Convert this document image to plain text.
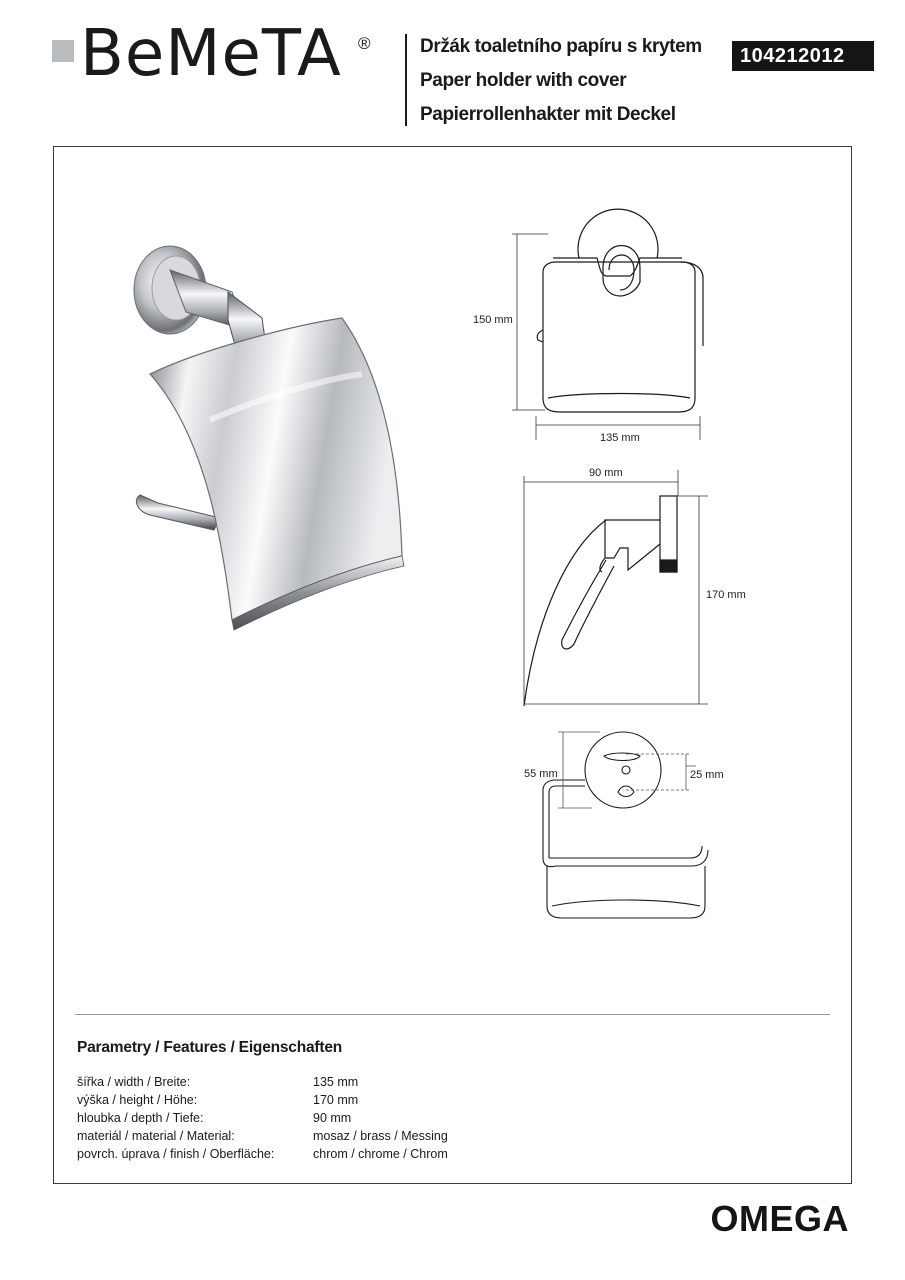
BeMeTA ®	Držák toaletního papíru s krytem
Paper holder with cover
Papierrollenhakter mit Deckel
104212012
150 mm
135 mm
90 mm
170 mm
55 mm	25 mm
Parametry / Features / Eigenschaften
šířka / width / Breite:	135 mm
výška / height / Höhe:	170 mm
hloubka / depth / Tiefe:	90 mm
materiál / material / Material:	mosaz / brass / Messing
povrch. úprava / finish / Oberfläche:	chrom / chrome / Chrom
OMEGA
